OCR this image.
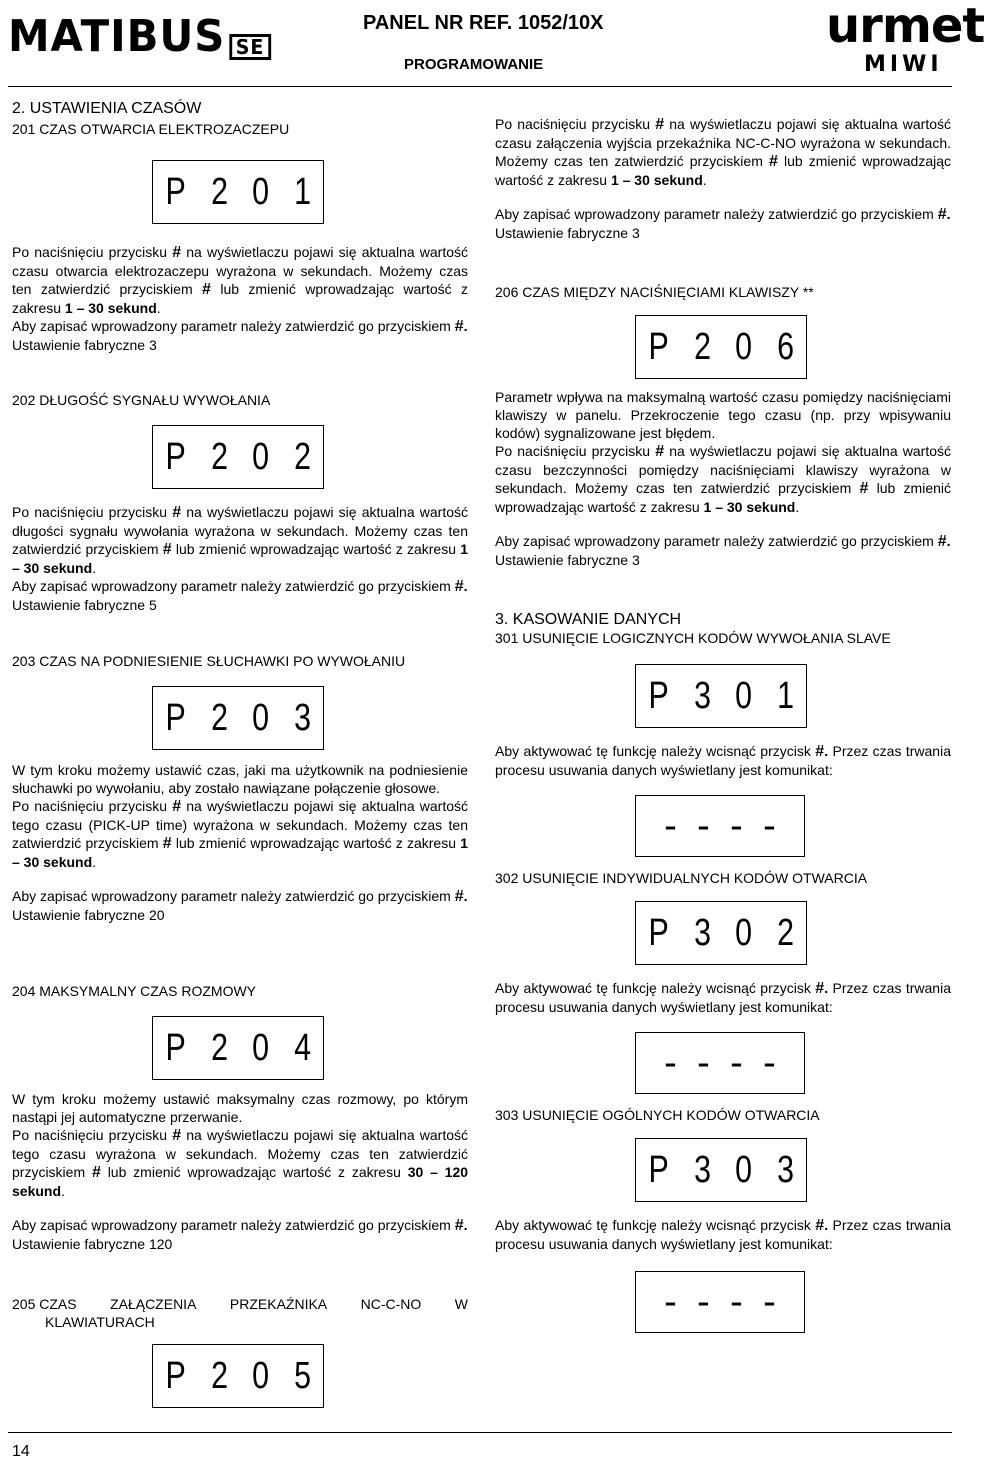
MATIBUS SE
PANEL NR REF. 1052/10X
PROGRAMOWANIE
urmet
MIWI
2. USTAWIENIA CZASÓW
201 CZAS OTWARCIA ELEKTROZACZEPU
P 2 0 1

Po naciśnięciu przycisku # na wyświetlaczu pojawi się aktualna wartość czasu otwarcia elektrozaczepu wyrażona w sekundach. Możemy czas ten zatwierdzić przyciskiem # lub zmienić wprowadzając wartość z zakresu 1 – 30 sekund.

Aby zapisać wprowadzony parametr należy zatwierdzić go przyciskiem #.

Ustawienie fabryczne 3

202 DŁUGOŚĆ SYGNAŁU WYWOŁANIA
P 2 0 2

Po naciśnięciu przycisku # na wyświetlaczu pojawi się aktualna wartość długości sygnału wywołania wyrażona w sekundach. Możemy czas ten zatwierdzić przyciskiem # lub zmienić wprowadzając wartość z zakresu 1 – 30 sekund.

Aby zapisać wprowadzony parametr należy zatwierdzić go przyciskiem #.

Ustawienie fabryczne 5

203 CZAS NA PODNIESIENIE SŁUCHAWKI PO WYWOŁANIU
P 2 0 3

W tym kroku możemy ustawić czas, jaki ma użytkownik na podniesienie słuchawki po wywołaniu, aby zostało nawiązane połączenie głosowe.

Po naciśnięciu przycisku # na wyświetlaczu pojawi się aktualna wartość tego czasu (PICK-UP time) wyrażona w sekundach. Możemy czas ten zatwierdzić przyciskiem # lub zmienić wprowadzając wartość z zakresu 1 – 30 sekund.

Aby zapisać wprowadzony parametr należy zatwierdzić go przyciskiem #.

Ustawienie fabryczne 20

204 MAKSYMALNY CZAS ROZMOWY
P 2 0 4

W tym kroku możemy ustawić maksymalny czas rozmowy, po którym nastąpi jej automatyczne przerwanie.

Po naciśnięciu przycisku # na wyświetlaczu pojawi się aktualna wartość tego czasu wyrażona w sekundach. Możemy czas ten zatwierdzić przyciskiem # lub zmienić wprowadzając wartość z zakresu 30 – 120 sekund.

Aby zapisać wprowadzony parametr należy zatwierdzić go przyciskiem #.

Ustawienie fabryczne 120

205 CZAS ZAŁĄCZENIA PRZEKAŹNIKA NC-C-NO W
KLAWIATURACH
P 2 0 5

Po naciśnięciu przycisku # na wyświetlaczu pojawi się aktualna wartość czasu załączenia wyjścia przekaźnika NC-C-NO wyrażona w sekundach. Możemy czas ten zatwierdzić przyciskiem # lub zmienić wprowadzając wartość z zakresu 1 – 30 sekund.

Aby zapisać wprowadzony parametr należy zatwierdzić go przyciskiem #.

Ustawienie fabryczne 3

206 CZAS MIĘDZY NACIŚNIĘCIAMI KLAWISZY **
P 2 0 6

Parametr wpływa na maksymalną wartość czasu pomiędzy naciśnięciami klawiszy w panelu. Przekroczenie tego czasu (np. przy wpisywaniu kodów) sygnalizowane jest błędem.

Po naciśnięciu przycisku # na wyświetlaczu pojawi się aktualna wartość czasu bezczynności pomiędzy naciśnięciami klawiszy wyrażona w sekundach. Możemy czas ten zatwierdzić przyciskiem # lub zmienić wprowadzając wartość z zakresu 1 – 30 sekund.

Aby zapisać wprowadzony parametr należy zatwierdzić go przyciskiem #.

Ustawienie fabryczne 3

3. KASOWANIE DANYCH
301 USUNIĘCIE LOGICZNYCH KODÓW WYWOŁANIA SLAVE
P 3 0 1

Aby aktywować tę funkcję należy wcisnąć przycisk #. Przez czas trwania procesu usuwania danych wyświetlany jest komunikat:

- - - -
302 USUNIĘCIE INDYWIDUALNYCH KODÓW OTWARCIA
P 3 0 2

Aby aktywować tę funkcję należy wcisnąć przycisk #. Przez czas trwania procesu usuwania danych wyświetlany jest komunikat:

- - - -
303 USUNIĘCIE OGÓLNYCH KODÓW OTWARCIA
P 3 0 3

Aby aktywować tę funkcję należy wcisnąć przycisk #. Przez czas trwania procesu usuwania danych wyświetlany jest komunikat:

- - - -
14
